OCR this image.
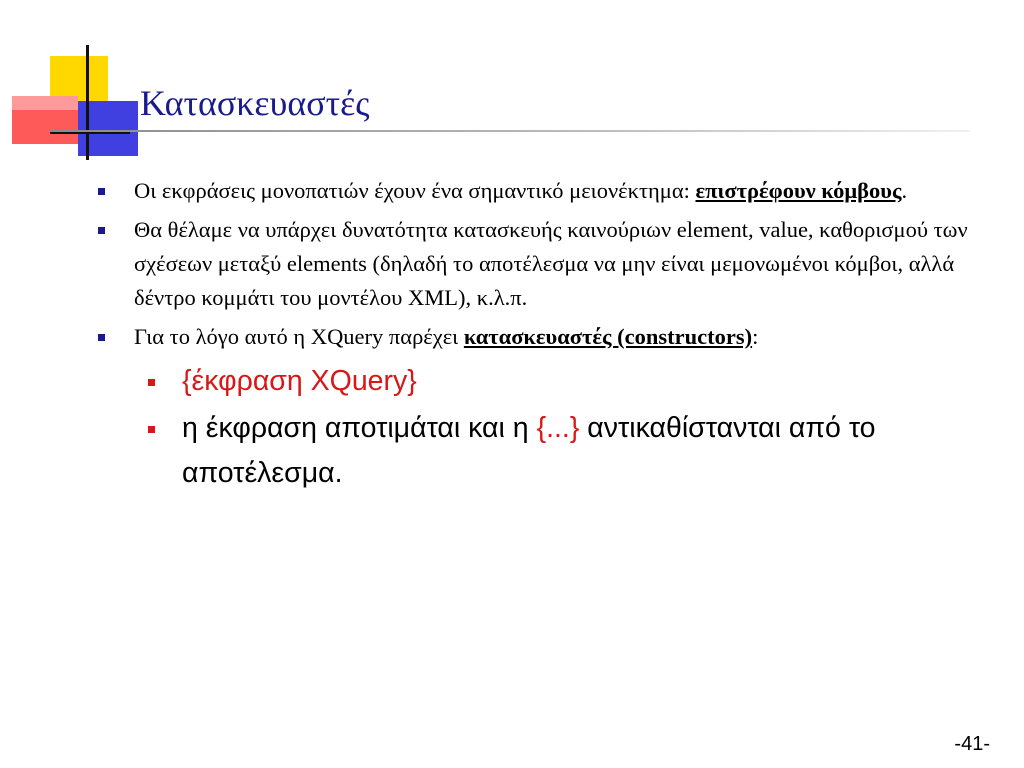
Κατασκευαστές
Οι εκφράσεις μονοπατιών έχουν ένα σημαντικό μειονέκτημα: επιστρέφουν κόμβους.
Θα θέλαμε να υπάρχει δυνατότητα κατασκευής καινούριων element, value, καθορισμού των σχέσεων μεταξύ elements (δηλαδή το αποτέλεσμα να μην είναι μεμονωμένοι κόμβοι, αλλά δέντρο κομμάτι του μοντέλου XML), κ.λ.π.
Για το λόγο αυτό η XQuery παρέχει κατασκευαστές (constructors):
{έκφραση XQuery}
η έκφραση αποτιμάται και η {...} αντικαθίστανται από το αποτέλεσμα.
-41-
